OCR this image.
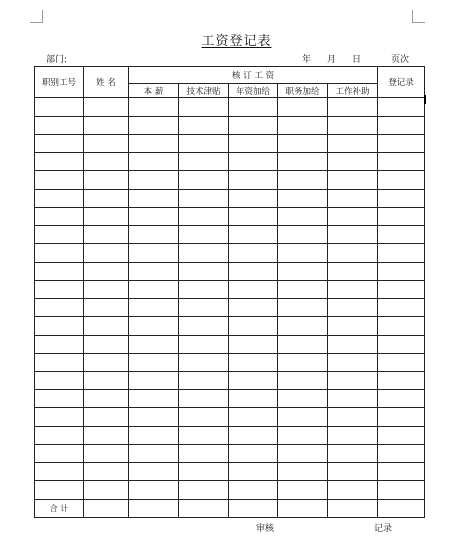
工资登记表
部门:	年 月 日	页次
职别工号	姓 名	核 订 工 资					登记录
		本 薪	技术津贴	年资加给	职务加给	工作补助	

合 计							
审核	记录
